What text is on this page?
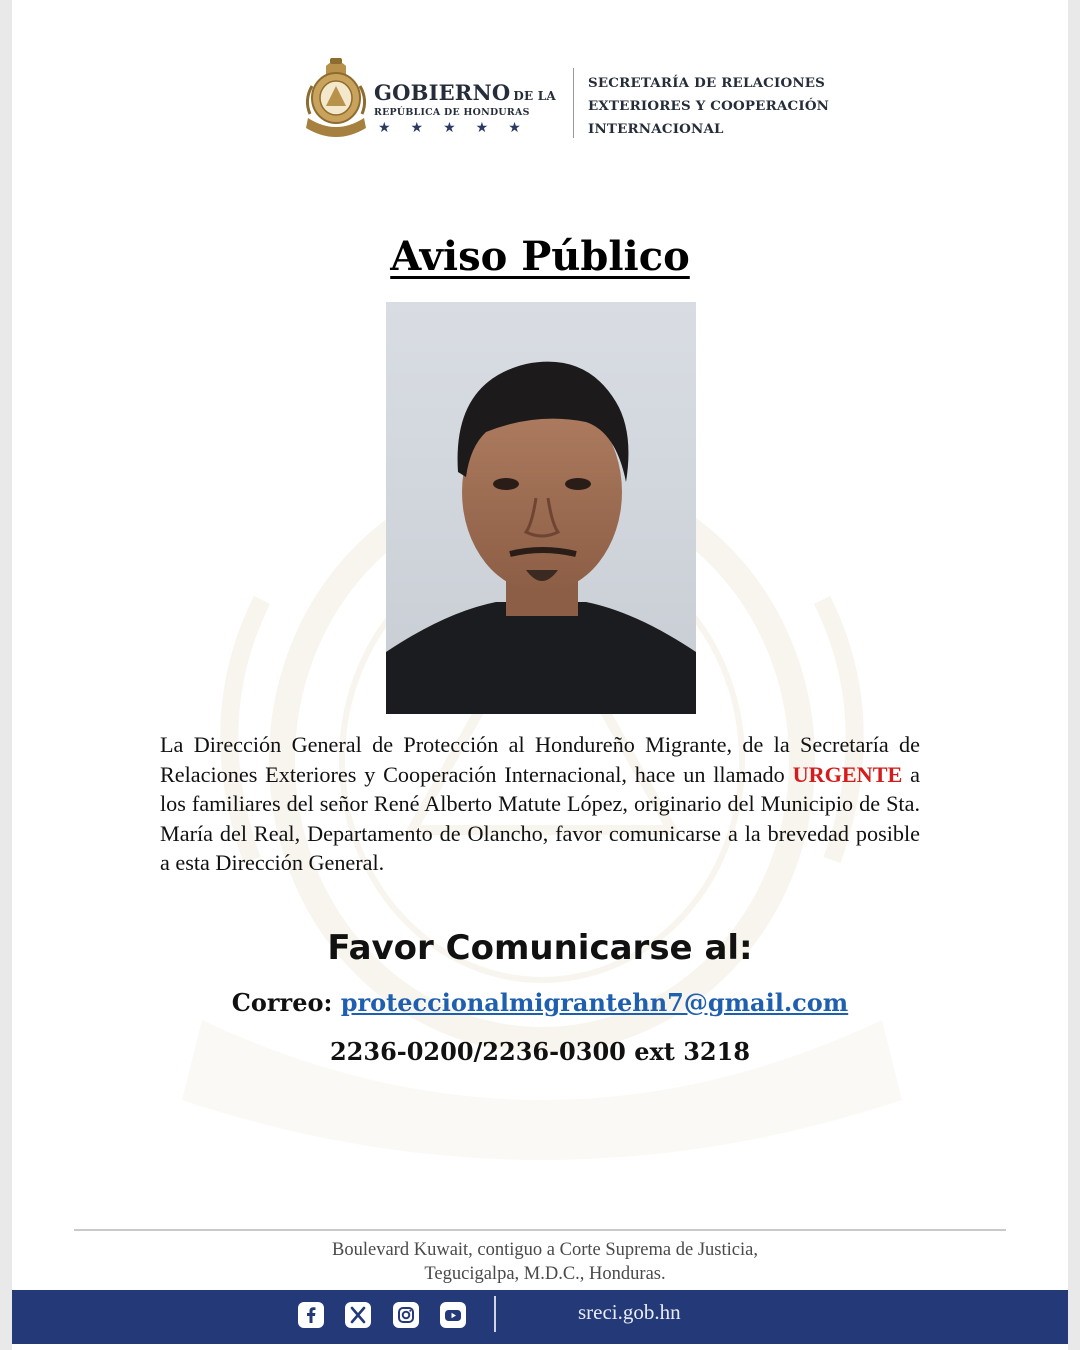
GOBIERNO DE LA
REPÚBLICA DE HONDURAS
★★★★★
SECRETARÍA DE RELACIONES
EXTERIORES Y COOPERACIÓN
INTERNACIONAL
Aviso Público
La Dirección General de Protección al Hondureño Migrante, de la Secretaría de Relaciones Exteriores y Cooperación Internacional, hace un llamado URGENTE a los familiares del señor René Alberto Matute López, originario del Municipio de Sta. María del Real, Departamento de Olancho, favor comunicarse a la brevedad posible a esta Dirección General.
Favor Comunicarse al:
Correo: proteccionalmigrantehn7@gmail.com
2236-0200/2236-0300 ext 3218
Boulevard Kuwait, contiguo a Corte Suprema de Justicia,
Tegucigalpa, M.D.C., Honduras.
sreci.gob.hn
